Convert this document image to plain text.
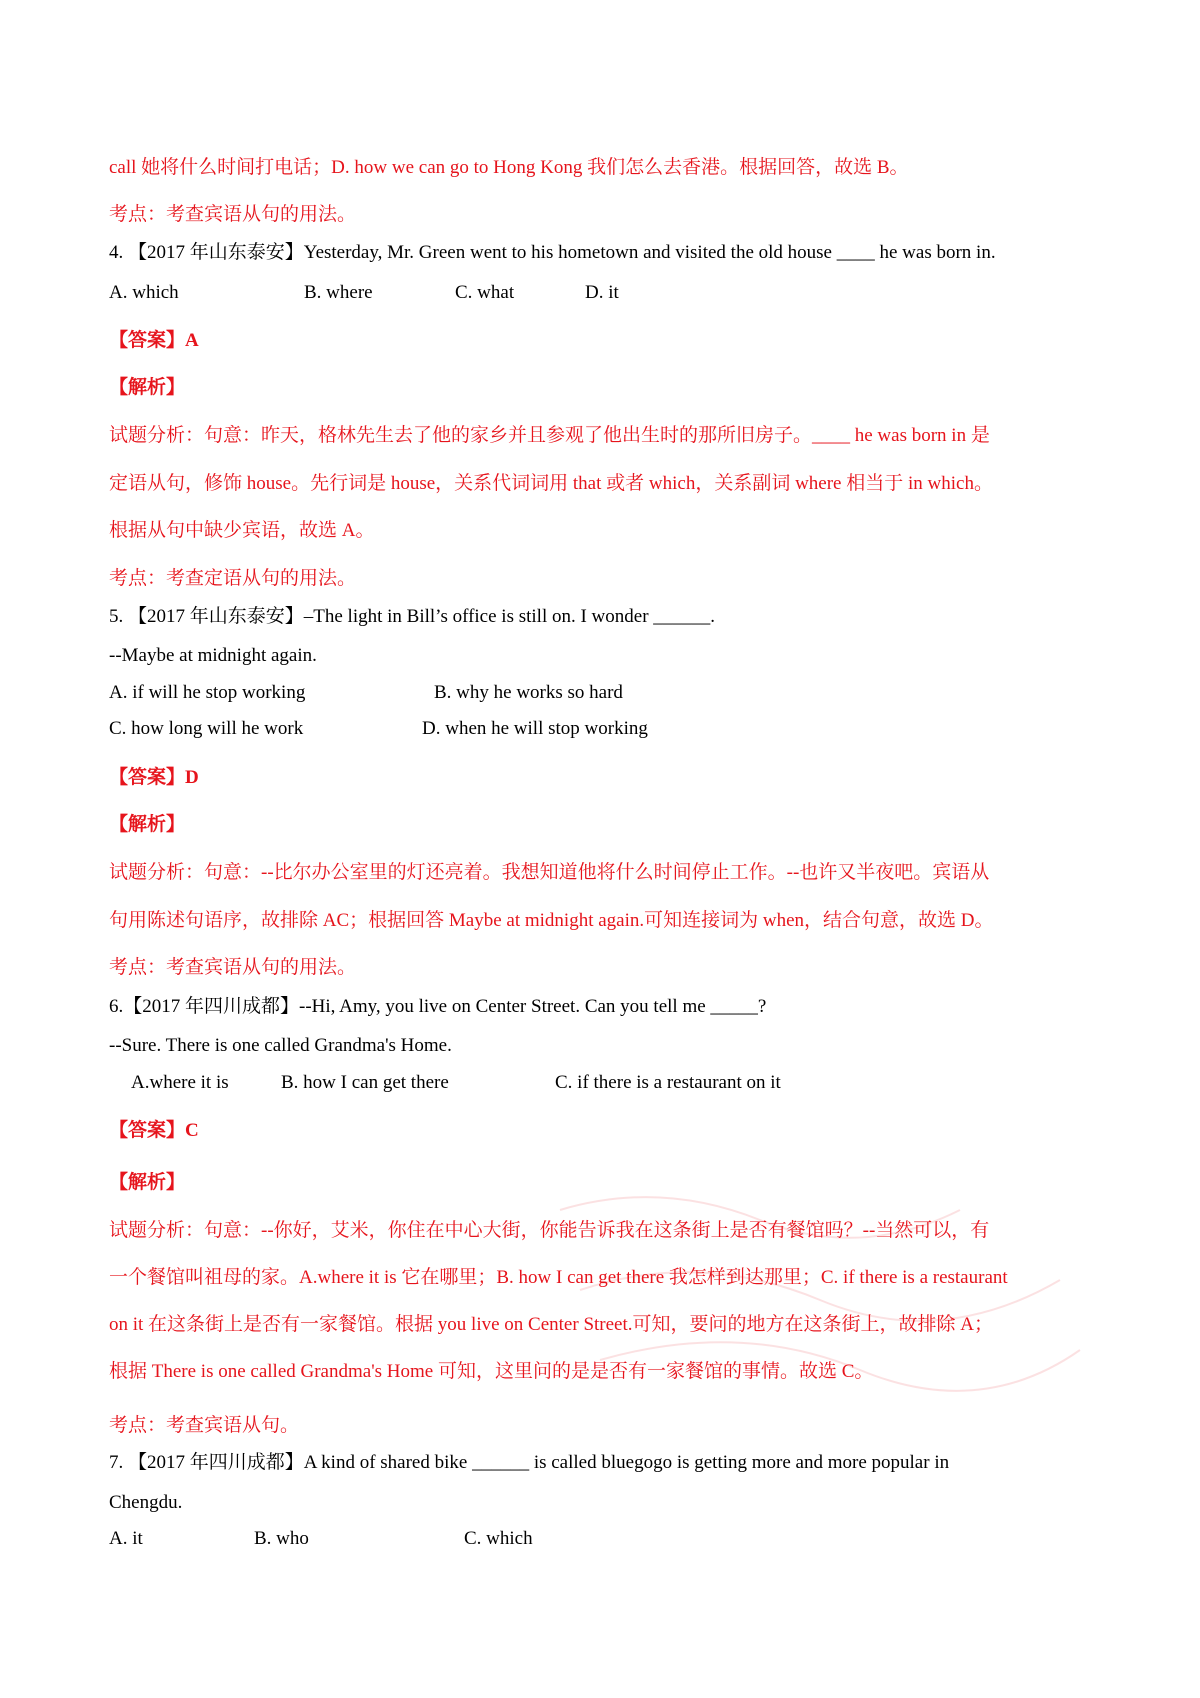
call 她将什么时间打电话；D. how we can go to Hong Kong 我们怎么去香港。根据回答，故选 B。
考点：考查宾语从句的用法。
4. 【2017 年山东泰安】Yesterday, Mr. Green went to his hometown and visited the old house ____ he was born in.
A. which	B. where	C. what	D. it
【答案】A
【解析】
试题分析：句意：昨天，格林先生去了他的家乡并且参观了他出生时的那所旧房子。____ he was born in 是
定语从句，修饰 house。先行词是 house，关系代词词用 that 或者 which，关系副词 where 相当于 in which。
根据从句中缺少宾语，故选 A。
考点：考查定语从句的用法。
5. 【2017 年山东泰安】–The light in Bill’s office is still on. I wonder ______.
--Maybe at midnight again.
A. if will he stop working	B. why he works so hard
C. how long will he work	D. when he will stop working
【答案】D
【解析】
试题分析：句意：--比尔办公室里的灯还亮着。我想知道他将什么时间停止工作。--也许又半夜吧。宾语从
句用陈述句语序，故排除 AC；根据回答 Maybe at midnight again.可知连接词为 when，结合句意，故选 D。
考点：考查宾语从句的用法。
6.【2017 年四川成都】--Hi, Amy, you live on Center Street. Can you tell me _____?
--Sure. There is one called Grandma's Home.
A.where it is	B. how I can get there	C. if there is a restaurant on it
【答案】C
【解析】
试题分析：句意：--你好，艾米，你住在中心大街，你能告诉我在这条街上是否有餐馆吗？--当然可以，有
一个餐馆叫祖母的家。A.where it is 它在哪里；B. how I can get there 我怎样到达那里；C. if there is a restaurant
on it 在这条街上是否有一家餐馆。根据 you live on Center Street.可知，要问的地方在这条街上，故排除 A；
根据 There is one called Grandma's Home 可知，这里问的是是否有一家餐馆的事情。故选 C。
考点：考查宾语从句。
7. 【2017 年四川成都】A kind of shared bike ______ is called bluegogo is getting more and more popular in
Chengdu.
A. it	B. who	C. which
